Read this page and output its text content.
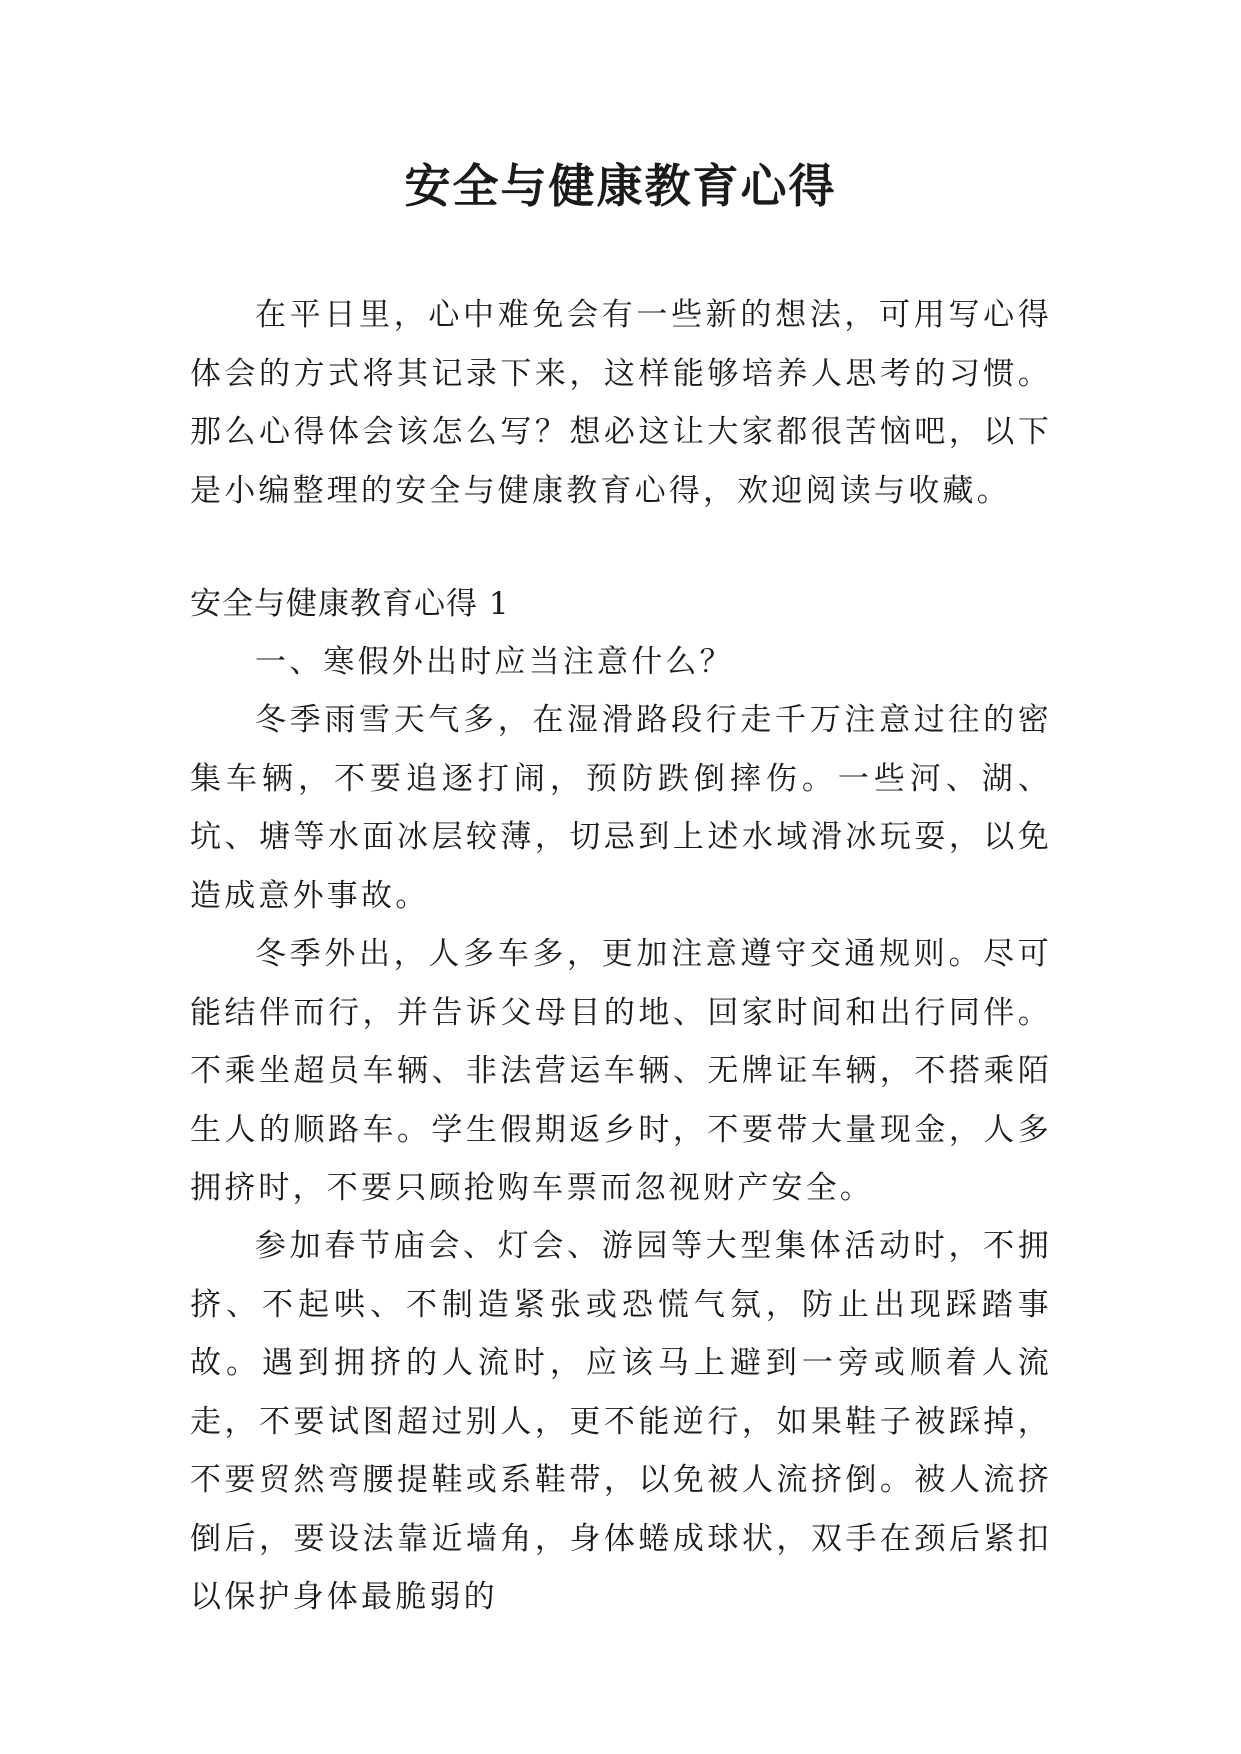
安全与健康教育心得

在平日里，心中难免会有一些新的想法，可用写心得体会的方式将其记录下来，这样能够培养人思考的习惯。那么心得体会该怎么写？想必这让大家都很苦恼吧，以下是小编整理的安全与健康教育心得，欢迎阅读与收藏。

安全与健康教育心得 1

一、寒假外出时应当注意什么？

冬季雨雪天气多，在湿滑路段行走千万注意过往的密集车辆，不要追逐打闹，预防跌倒摔伤。一些河、湖、坑、塘等水面冰层较薄，切忌到上述水域滑冰玩耍，以免造成意外事故。

冬季外出，人多车多，更加注意遵守交通规则。尽可能结伴而行，并告诉父母目的地、回家时间和出行同伴。不乘坐超员车辆、非法营运车辆、无牌证车辆，不搭乘陌生人的顺路车。学生假期返乡时，不要带大量现金，人多拥挤时，不要只顾抢购车票而忽视财产安全。

参加春节庙会、灯会、游园等大型集体活动时，不拥挤、不起哄、不制造紧张或恐慌气氛，防止出现踩踏事故。遇到拥挤的人流时，应该马上避到一旁或顺着人流走，不要试图超过别人，更不能逆行，如果鞋子被踩掉，不要贸然弯腰提鞋或系鞋带，以免被人流挤倒。被人流挤倒后，要设法靠近墙角，身体蜷成球状，双手在颈后紧扣以保护身体最脆弱的
